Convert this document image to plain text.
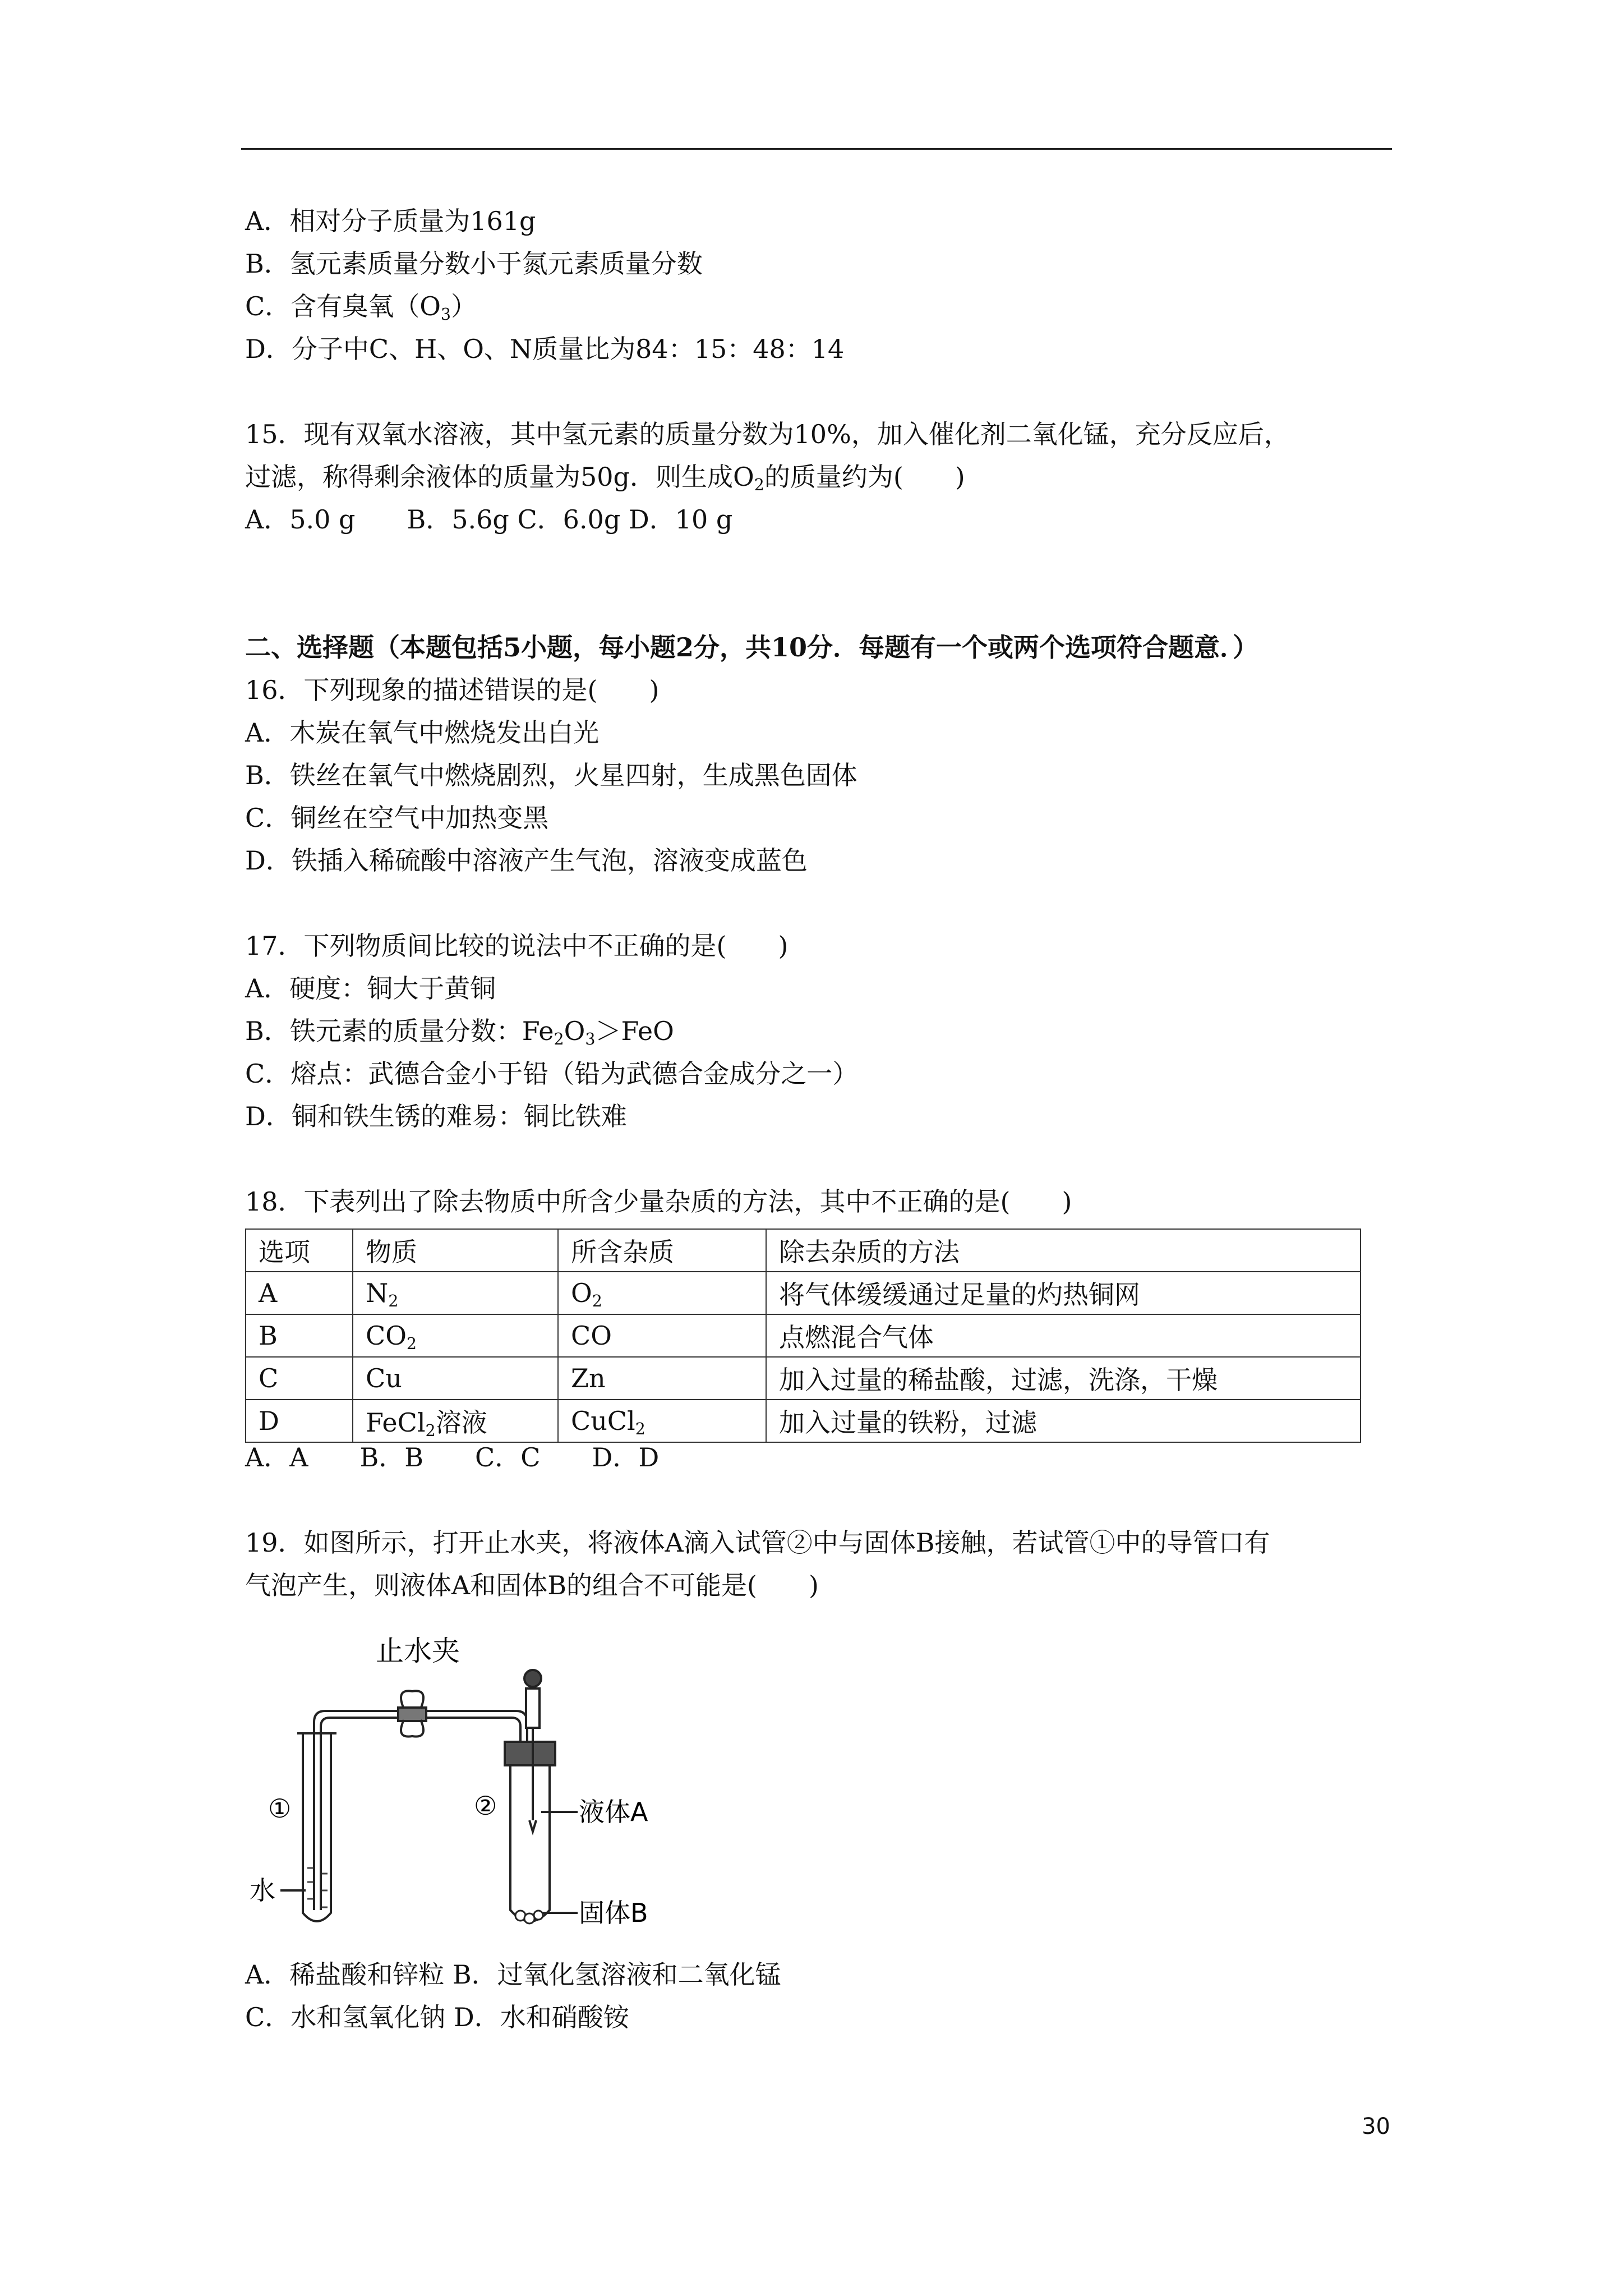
A．相对分子质量为161g
B．氢元素质量分数小于氮元素质量分数
C．含有臭氧$(O_3)$
D．分子中C、H、O、N质量比为84：15：48：14
15．现有双氧水溶液，其中氢元素的质量分数为10%，加入催化剂二氧化锰，充分反应后，
过滤，称得剩余液体的质量为50g．则生成$O_2$的质量约为(　　)
A．5.0 g　　B．5.6g C．6.0g D．10 g
二、选择题（本题包括5小题，每小题2分，共10分．每题有一个或两个选项符合题意．）
16．下列现象的描述错误的是(　　)
A．木炭在氧气中燃烧发出白光
B．铁丝在氧气中燃烧剧烈，火星四射，生成黑色固体
C．铜丝在空气中加热变黑
D．铁插入稀硫酸中溶液产生气泡，溶液变成蓝色
17．下列物质间比较的说法中不正确的是(　　)
A．硬度：铜大于黄铜
B．铁元素的质量分数：$Fe_2O_3>FeO$
C．熔点：武德合金小于铅（铅为武德合金成分之一）
D．铜和铁生锈的难易：铜比铁难
18．下表列出了除去物质中所含少量杂质的方法，其中不正确的是(　　)
选项	物质	所含杂质	除去杂质的方法
A	$N_2$	$O_2$	将气体缓缓通过足量的灼热铜网
B	$CO_2$	CO	点燃混合气体
C	Cu	Zn	加入过量的稀盐酸，过滤，洗涤，干燥
D	FeCl$_2$溶液	CuCl$_2$	加入过量的铁粉，过滤
A．A　　B．B　　C．C　　D．D
19．如图所示，打开止水夹，将液体A滴入试管②中与固体B接触，若试管①中的导管口有
气泡产生，则液体A和固体B的组合不可能是(　　)
止水夹
①	②	液体A
水
固体B
A．稀盐酸和锌粒 B．过氧化氢溶液和二氧化锰
C．水和氢氧化钠 D．水和硝酸铵
30
